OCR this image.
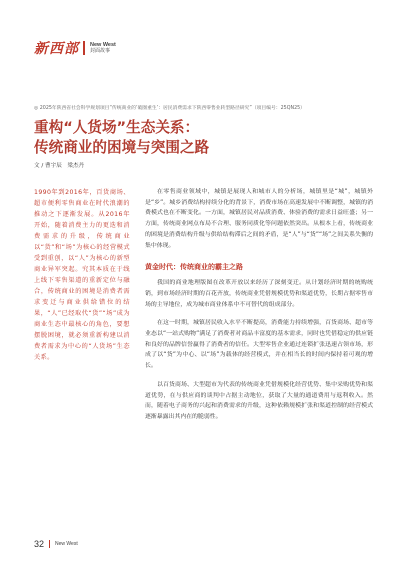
新西部 New West
封面故事
◎ 2025年陕西省社会科学规划项目“传统商业的‘破圈重生’：居民消费需求下陕西零售业转型路径研究”（项目编号：25QN25）
重构“人货场”生态关系：
传统商业的困境与突围之路
文 / 曹宇辰　梁杰丹
1990年到2016年，百货商场、超市便利零售商业在时代浪潮的推动之下逐渐发展。从2016年开始，随着消费主力的更迭和消费需求的升级，传统商业以“货”和“场”为核心的经营模式受到重创，以“人”为核心的新型商业异军突起。究其本质在于线上线下零售渠道的重新定位与融合，传统商业的困境是消费者需求变迁与商业供给错位的结果，“人”已经取代“货”“场”成为商业生态中最核心的角色，要想摆脱困境，就必须重新构建以消费者需求为中心的“人货场”生态关系。

在零售商业领域中，城镇是展现人和城市人的分析场，城镇里是“城”，城镇外是“乡”。城乡消费结构持续分化的背景下，消费市场在高速发展中不断调整，城镇的消费模式也在不断变化。一方面，城镇居民对品质消费、体验消费的需求日益旺盛；另一方面，传统商业网点布局不合理、服务同质化等问题依然突出。从根本上看，传统商业的困境是消费结构升级与供给结构滞后之间的矛盾，是“人”与“货”“场”之间关系失衡的集中体现。

黄金时代：传统商业的霸主之路

我国的商业地理版图在改革开放以来经历了深刻变迁。从计划经济时期的统购统销，到市场经济时期的百花齐放，传统商业凭借规模优势和渠道优势，长期占据零售市场的主导地位，成为城市商业体系中不可替代的组成部分。

在这一时期，城镇居民收入水平不断提高，消费能力持续增强，百货商场、超市等业态以“一站式购物”满足了消费者对商品丰富度的基本需求，同时也凭借稳定的供应链和良好的品牌信誉赢得了消费者的信任。大型零售企业通过连锁扩张迅速占领市场，形成了以“货”为中心、以“场”为载体的经营模式，并在相当长的时间内保持着可观的增长。

以百货商场、大型超市为代表的传统商业凭借规模化经营优势、集中采购优势和渠道优势，在与供应商的谈判中占据主动地位，获取了大量的通道费用与返利收入。然而，随着电子商务的兴起和消费需求的升级，这种依赖规模扩张和渠道控制的经营模式逐渐暴露出其内在的脆弱性。

32 New West
